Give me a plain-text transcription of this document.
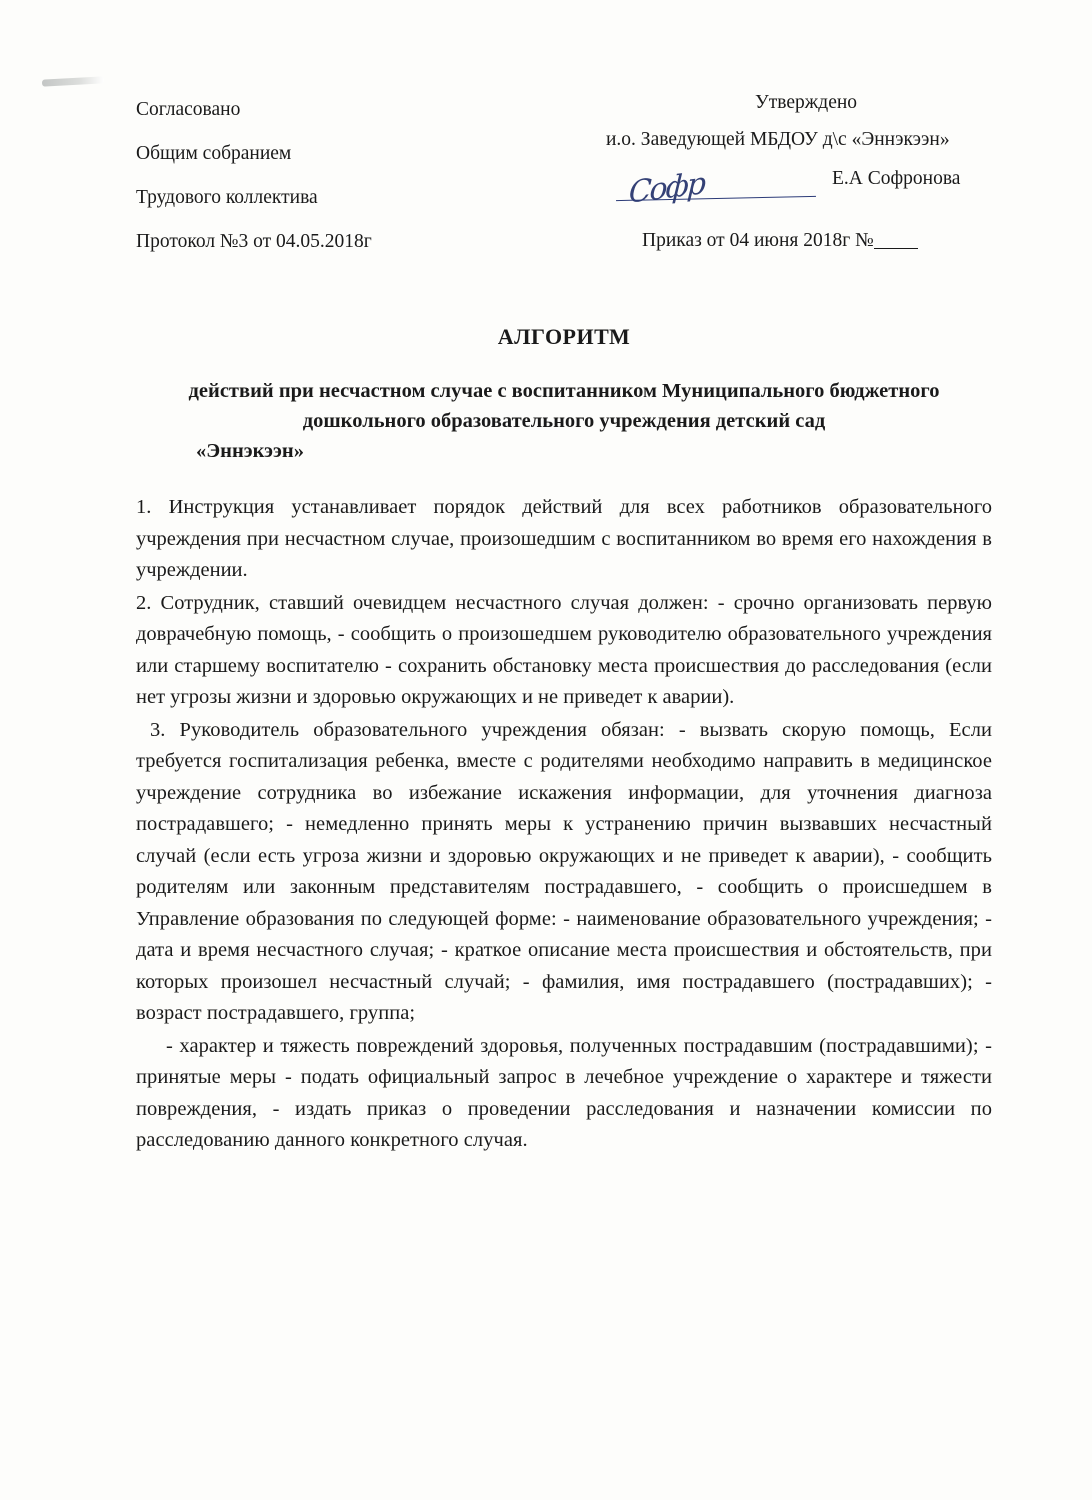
Согласовано
Общим собранием
Трудового коллектива
Протокол №3 от 04.05.2018г
Утверждено
и.о. Заведующей МБДОУ д\с «Эннэкээн»
Софр	Е.А Софронова
Приказ от 04 июня 2018г №
АЛГОРИТМ
действий при несчастном случае с воспитанником Муниципального бюджетного дошкольного образовательного учреждения детский сад
«Эннэкээн»

1. Инструкция устанавливает порядок действий для всех работников образовательного учреждения при несчастном случае, произошедшим с воспитанником во время его нахождения в учреждении.

2. Сотрудник, ставший очевидцем несчастного случая должен: - срочно организовать первую доврачебную помощь, - сообщить о произошедшем руководителю образовательного учреждения или старшему воспитателю - сохранить обстановку места происшествия до расследования (если нет угрозы жизни и здоровью окружающих и не приведет к аварии).

3. Руководитель образовательного учреждения обязан: - вызвать скорую помощь, Если требуется госпитализация ребенка, вместе с родителями необходимо направить в медицинское учреждение сотрудника во избежание искажения информации, для уточнения диагноза пострадавшего; - немедленно принять меры к устранению причин вызвавших несчастный случай (если есть угроза жизни и здоровью окружающих и не приведет к аварии), - сообщить родителям или законным представителям пострадавшего, - сообщить о происшедшем в Управление образования по следующей форме: - наименование образовательного учреждения; - дата и время несчастного случая; - краткое описание места происшествия и обстоятельств, при которых произошел несчастный случай; - фамилия, имя пострадавшего (пострадавших); - возраст пострадавшего, группа;

- характер и тяжесть повреждений здоровья, полученных пострадавшим (пострадавшими); - принятые меры - подать официальный запрос в лечебное учреждение о характере и тяжести повреждения, - издать приказ о проведении расследования и назначении комиссии по расследованию данного конкретного случая.
